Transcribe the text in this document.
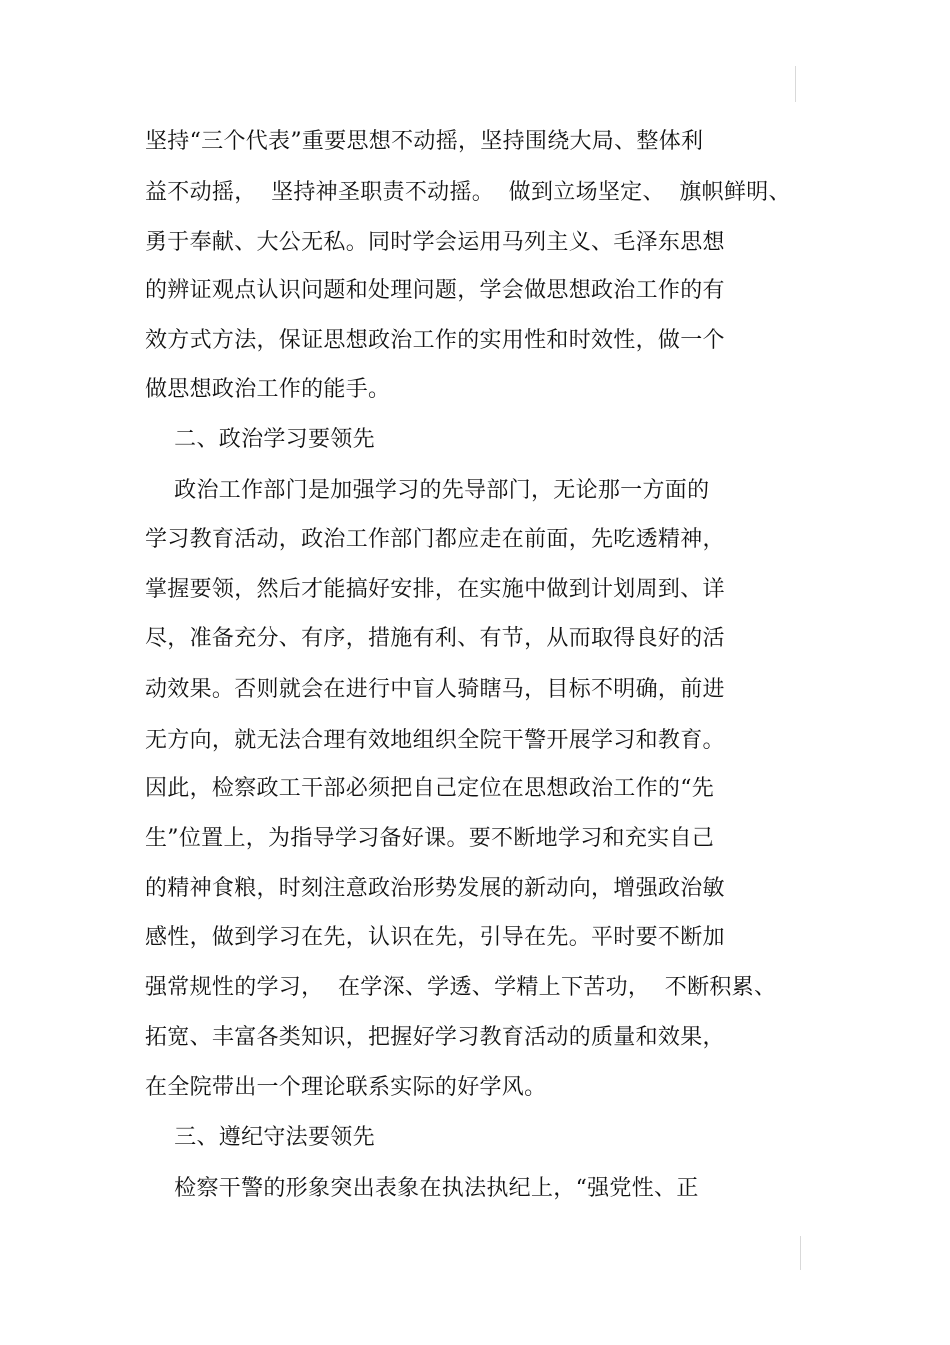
坚持“三个代表”重要思想不动摇，坚持围绕大局、整体利
益不动摇，  坚持神圣职责不动摇。  做到立场坚定、  旗帜鲜明、
勇于奉献、大公无私。同时学会运用马列主义、毛泽东思想
的辨证观点认识问题和处理问题，学会做思想政治工作的有
效方式方法，保证思想政治工作的实用性和时效性，做一个
做思想政治工作的能手。
二、政治学习要领先
政治工作部门是加强学习的先导部门，无论那一方面的
学习教育活动，政治工作部门都应走在前面，先吃透精神，
掌握要领，然后才能搞好安排，在实施中做到计划周到、详
尽，准备充分、有序，措施有利、有节，从而取得良好的活
动效果。否则就会在进行中盲人骑瞎马，目标不明确，前进
无方向，就无法合理有效地组织全院干警开展学习和教育。
因此，检察政工干部必须把自己定位在思想政治工作的“先
生”位置上，为指导学习备好课。要不断地学习和充实自己
的精神食粮，时刻注意政治形势发展的新动向，增强政治敏
感性，做到学习在先，认识在先，引导在先。平时要不断加
强常规性的学习，  在学深、学透、学精上下苦功，  不断积累、
拓宽、丰富各类知识，把握好学习教育活动的质量和效果，
在全院带出一个理论联系实际的好学风。
三、遵纪守法要领先
检察干警的形象突出表象在执法执纪上，“强党性、正
